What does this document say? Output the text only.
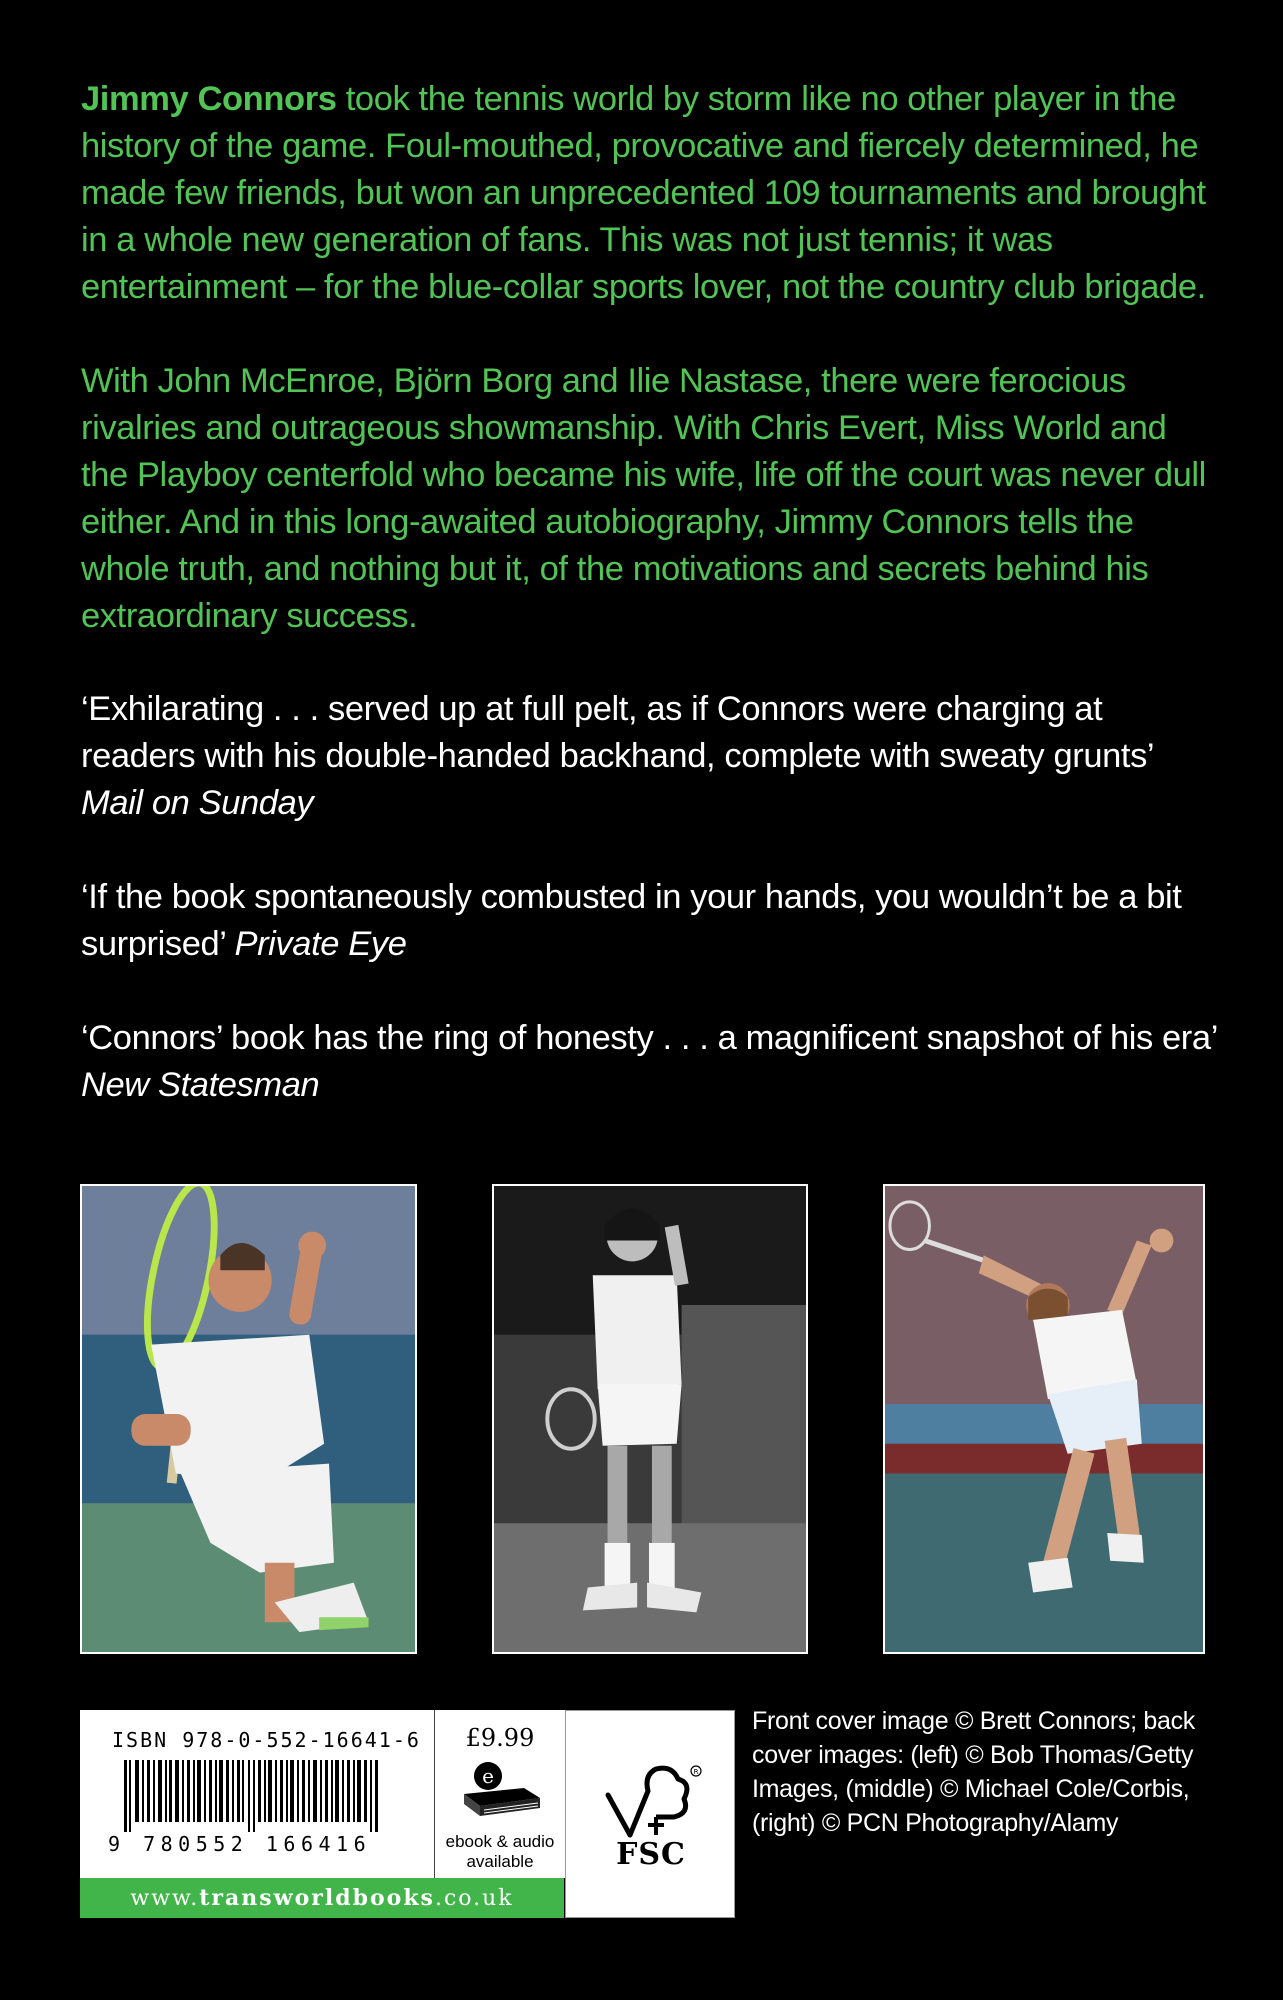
Jimmy Connors took the tennis world by storm like no other player in the history of the game. Foul-mouthed, provocative and fiercely determined, he made few friends, but won an unprecedented 109 tournaments and brought in a whole new generation of fans. This was not just tennis; it was entertainment – for the blue-collar sports lover, not the country club brigade.

With John McEnroe, Björn Borg and Ilie Nastase, there were ferocious rivalries and outrageous showmanship. With Chris Evert, Miss World and the Playboy centerfold who became his wife, life off the court was never dull either. And in this long-awaited autobiography, Jimmy Connors tells the whole truth, and nothing but it, of the motivations and secrets behind his extraordinary success.

‘Exhilarating . . . served up at full pelt, as if Connors were charging at readers with his double-handed backhand, complete with sweaty grunts’
Mail on Sunday

‘If the book spontaneously combusted in your hands, you wouldn’t be a bit surprised’ Private Eye

‘Connors’ book has the ring of honesty . . . a magnificent snapshot of his era’
New Statesman

ISBN 978-0-552-16641-6
9 780552 166416
£9.99
e
ebook & audio
available
www.transworldbooks.co.uk
R
FSC
Front cover image © Brett Connors; back cover images: (left) © Bob Thomas/Getty Images, (middle) © Michael Cole/Corbis, (right) © PCN Photography/Alamy
